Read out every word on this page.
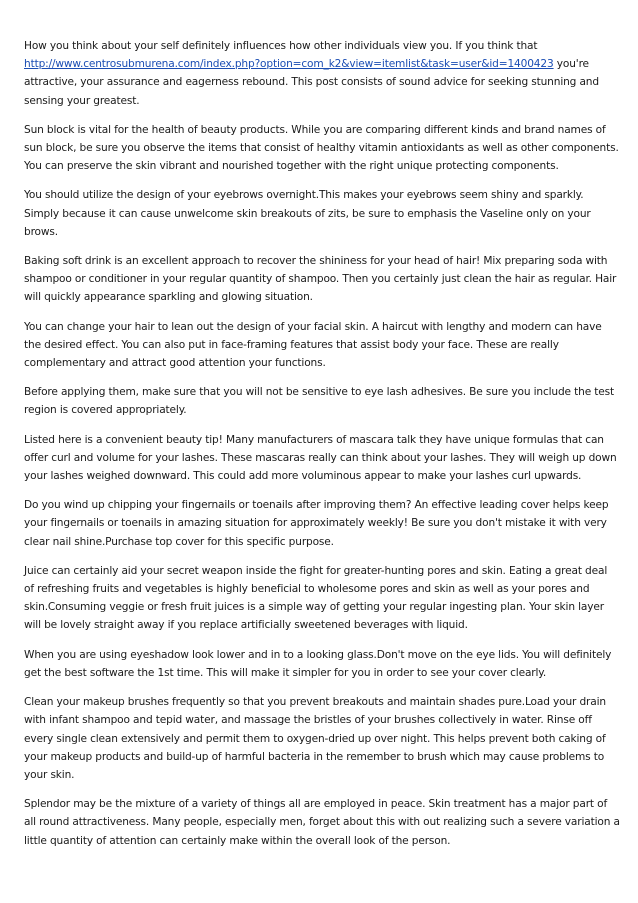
How you think about your self definitely influences how other individuals view you. If you think that http://www.centrosubmurena.com/index.php?option=com_k2&view=itemlist&task=user&id=1400423 you're attractive, your assurance and eagerness rebound. This post consists of sound advice for seeking stunning and sensing your greatest.

Sun block is vital for the health of beauty products. While you are comparing different kinds and brand names of sun block, be sure you observe the items that consist of healthy vitamin antioxidants as well as other components. You can preserve the skin vibrant and nourished together with the right unique protecting components.

You should utilize the design of your eyebrows overnight.This makes your eyebrows seem shiny and sparkly. Simply because it can cause unwelcome skin breakouts of zits, be sure to emphasis the Vaseline only on your brows.

Baking soft drink is an excellent approach to recover the shininess for your head of hair! Mix preparing soda with shampoo or conditioner in your regular quantity of shampoo. Then you certainly just clean the hair as regular. Hair will quickly appearance sparkling and glowing situation.

You can change your hair to lean out the design of your facial skin. A haircut with lengthy and modern can have the desired effect. You can also put in face-framing features that assist body your face. These are really complementary and attract good attention your functions.

Before applying them, make sure that you will not be sensitive to eye lash adhesives. Be sure you include the test region is covered appropriately.

Listed here is a convenient beauty tip! Many manufacturers of mascara talk they have unique formulas that can offer curl and volume for your lashes. These mascaras really can think about your lashes. They will weigh up down your lashes weighed downward. This could add more voluminous appear to make your lashes curl upwards.

Do you wind up chipping your fingernails or toenails after improving them? An effective leading cover helps keep your fingernails or toenails in amazing situation for approximately weekly! Be sure you don't mistake it with very clear nail shine.Purchase top cover for this specific purpose.

Juice can certainly aid your secret weapon inside the fight for greater-hunting pores and skin. Eating a great deal of refreshing fruits and vegetables is highly beneficial to wholesome pores and skin as well as your pores and skin.Consuming veggie or fresh fruit juices is a simple way of getting your regular ingesting plan. Your skin layer will be lovely straight away if you replace artificially sweetened beverages with liquid.

When you are using eyeshadow look lower and in to a looking glass.Don't move on the eye lids. You will definitely get the best software the 1st time. This will make it simpler for you in order to see your cover clearly.

Clean your makeup brushes frequently so that you prevent breakouts and maintain shades pure.Load your drain with infant shampoo and tepid water, and massage the bristles of your brushes collectively in water. Rinse off every single clean extensively and permit them to oxygen-dried up over night. This helps prevent both caking of your makeup products and build-up of harmful bacteria in the remember to brush which may cause problems to your skin.

Splendor may be the mixture of a variety of things all are employed in peace. Skin treatment has a major part of all round attractiveness. Many people, especially men, forget about this with out realizing such a severe variation a little quantity of attention can certainly make within the overall look of the person.
